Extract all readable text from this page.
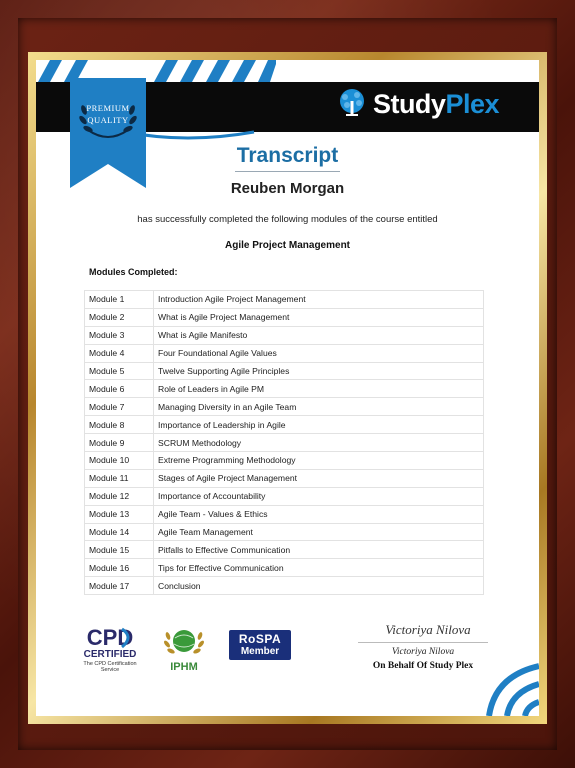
StudyPlex
PREMIUM
QUALITY
Transcript
Reuben Morgan
has successfully completed the following modules of the course entitled
Agile Project Management
Modules Completed:
Module 1	Introduction Agile Project Management
Module 2	What is Agile Project Management
Module 3	What is Agile Manifesto
Module 4	Four Foundational Agile Values
Module 5	Twelve Supporting Agile Principles
Module 6	Role of Leaders in Agile PM
Module 7	Managing Diversity in an Agile Team
Module 8	Importance of Leadership in Agile
Module 9	SCRUM Methodology
Module 10	Extreme Programming Methodology
Module 11	Stages of Agile Project Management
Module 12	Importance of Accountability
Module 13	Agile Team - Values & Ethics
Module 14	Agile Team Management
Module 15	Pitfalls to Effective Communication
Module 16	Tips for Effective Communication
Module 17	Conclusion
CPD
CERTIFIED
The CPD Certification
Service	IPHM
RoSPA
Member
Victoriya Nilova
Victoriya Nilova
On Behalf Of Study Plex
